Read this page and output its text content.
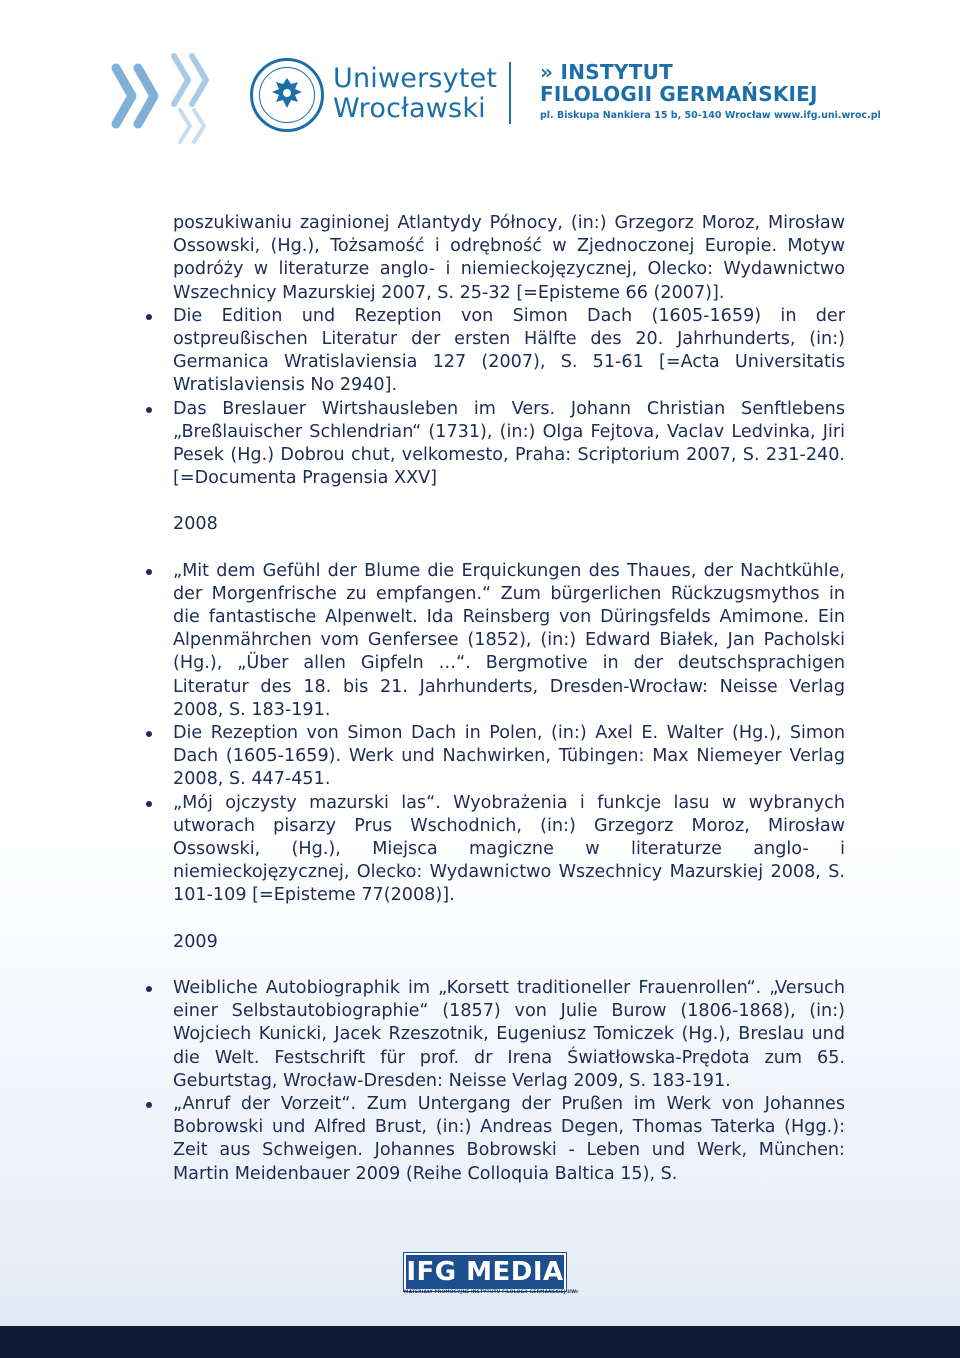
Uniwersytet
Wrocławski
» INSTYTUT
FILOLOGII GERMAŃSKIEJ
pl. Biskupa Nankiera 15 b, 50-140 Wrocław www.ifg.uni.wroc.pl

poszukiwaniu zaginionej Atlantydy Północy, (in:) Grzegorz Moroz, Mirosław Ossowski, (Hg.), Tożsamość i odrębność w Zjednoczonej Europie. Motyw podróży w literaturze anglo- i niemieckojęzycznej, Olecko: Wydawnictwo Wszechnicy Mazurskiej 2007, S. 25-32 [=Episteme 66 (2007)].

Die Edition und Rezeption von Simon Dach (1605-1659) in der ostpreußischen Literatur der ersten Hälfte des 20. Jahrhunderts, (in:) Germanica Wratislaviensia 127 (2007), S. 51-61 [=Acta Universitatis Wratislaviensis No 2940].
Das Breslauer Wirtshausleben im Vers. Johann Christian Senftlebens „Breßlauischer Schlendrian“ (1731), (in:) Olga Fejtova, Vaclav Ledvinka, Jiri Pesek (Hg.) Dobrou chut, velkomesto, Praha: Scriptorium 2007, S. 231-240. [=Documenta Pragensia XXV]
2008
„Mit dem Gefühl der Blume die Erquickungen des Thaues, der Nachtkühle, der Morgenfrische zu empfangen.“ Zum bürgerlichen Rückzugsmythos in die fantastische Alpenwelt. Ida Reinsberg von Düringsfelds Amimone. Ein Alpenmährchen vom Genfersee (1852), (in:) Edward Białek, Jan Pacholski (Hg.), „Über allen Gipfeln …“. Bergmotive in der deutschsprachigen Literatur des 18. bis 21. Jahrhunderts, Dresden-Wrocław: Neisse Verlag 2008, S. 183-191.
Die Rezeption von Simon Dach in Polen, (in:) Axel E. Walter (Hg.), Simon Dach (1605-1659). Werk und Nachwirken, Tübingen: Max Niemeyer Verlag 2008, S. 447-451.
„Mój ojczysty mazurski las“. Wyobrażenia i funkcje lasu w wybranych utworach pisarzy Prus Wschodnich, (in:) Grzegorz Moroz, Mirosław Ossowski, (Hg.), Miejsca magiczne w literaturze anglo- i niemieckojęzycznej, Olecko: Wydawnictwo Wszechnicy Mazurskiej 2008, S. 101-109 [=Episteme 77(2008)].
2009
Weibliche Autobiographik im „Korsett traditioneller Frauenrollen“. „Versuch einer Selbstautobiographie“ (1857) von Julie Burow (1806-1868), (in:) Wojciech Kunicki, Jacek Rzeszotnik, Eugeniusz Tomiczek (Hg.), Breslau und die Welt. Festschrift für prof. dr Irena Światłowska-Prędota zum 65. Geburtstag, Wrocław-Dresden: Neisse Verlag 2009, S. 183-191.
„Anruf der Vorzeit“. Zum Untergang der Prußen im Werk von Johannes Bobrowski und Alfred Brust, (in:) Andreas Degen, Thomas Taterka (Hgg.): Zeit aus Schweigen. Johannes Bobrowski - Leben und Werk, München: Martin Meidenbauer 2009 (Reihe Colloquia Baltica 15), S.
IFG MEDIA
MATERIAŁY PROMOCYJNE INSTYTUTU FILOLOGII GERMAŃSKIEJ UWr
